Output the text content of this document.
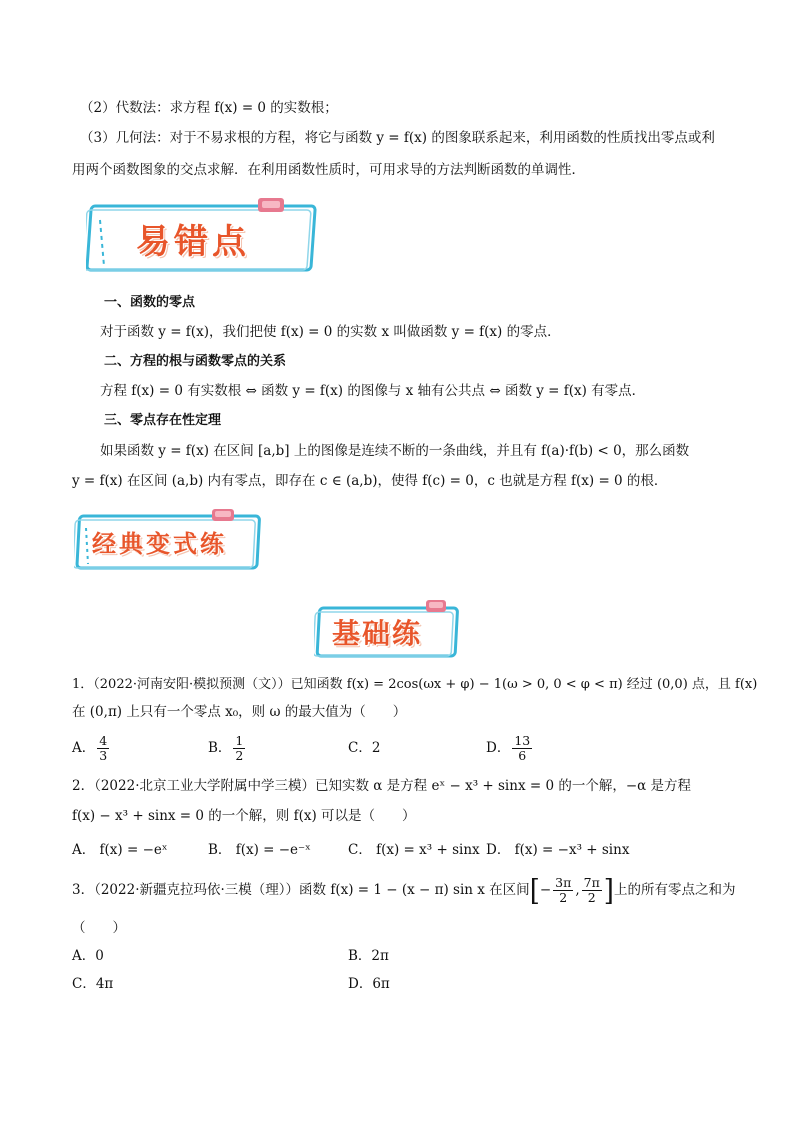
（2）代数法：求方程 f(x) = 0 的实数根；
（3）几何法：对于不易求根的方程，将它与函数 y = f(x) 的图象联系起来，利用函数的性质找出零点或利
用两个函数图象的交点求解．在利用函数性质时，可用求导的方法判断函数的单调性．
易错点
一、函数的零点
对于函数 y = f(x)，我们把使 f(x) = 0 的实数 x 叫做函数 y = f(x) 的零点．
二、方程的根与函数零点的关系
方程 f(x) = 0 有实数根 ⇔ 函数 y = f(x) 的图像与 x 轴有公共点 ⇔ 函数 y = f(x) 有零点．
三、零点存在性定理
如果函数 y = f(x) 在区间 [a,b] 上的图像是连续不断的一条曲线，并且有 f(a)·f(b) < 0，那么函数
y = f(x) 在区间 (a,b) 内有零点，即存在 c ∈ (a,b)，使得 f(c) = 0，c 也就是方程 f(x) = 0 的根．
经典变式练
基础练
1．（2022·河南安阳·模拟预测（文））已知函数 f(x) = 2cos(ωx + φ) − 1(ω > 0, 0 < φ < π) 经过 (0,0) 点，且 f(x)
在 (0,π) 上只有一个零点 x₀，则 ω 的最大值为（　　）
A． $\frac{4}{3}$	B． $\frac{1}{2}$	C．2	D． $\frac{13}{6}$
2．（2022·北京工业大学附属中学三模）已知实数 α 是方程 eˣ − x³ + sinx = 0 的一个解，−α 是方程
f(x) − x³ + sinx = 0 的一个解，则 f(x) 可以是（　　）
A． f(x) = −eˣ	B． f(x) = −e⁻ˣ	C． f(x) = x³ + sinx D． f(x) = −x³ + sinx
3．（2022·新疆克拉玛依·三模（理））函数 f(x) = 1 − (x − π) sin x 在区间[− $\frac{3\pi}{2}$ , $\frac{7\pi}{2}$ ]上的所有零点之和为
（　　）
A．0	B．2π
C．4π	D．6π
